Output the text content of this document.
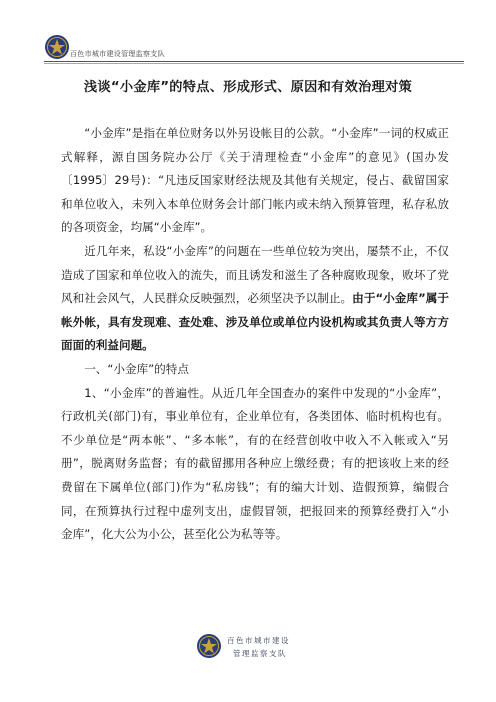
百色市城市建设管理监察支队
浅谈“小金库”的特点、形成形式、原因和有效治理对策

“小金库”是指在单位财务以外另设帐目的公款。“小金库”一词的权威正式解释，源自国务院办公厅《关于清理检查“小金库”的意见》(国办发〔1995〕29号)：“凡违反国家财经法规及其他有关规定，侵占、截留国家和单位收入，未列入本单位财务会计部门帐内或未纳入预算管理，私存私放的各项资金，均属“小金库”。

近几年来，私设“小金库”的问题在一些单位较为突出，屡禁不止，不仅造成了国家和单位收入的流失，而且诱发和滋生了各种腐败现象，败坏了党风和社会风气，人民群众反映强烈，必须坚决予以制止。由于“小金库”属于帐外帐，具有发现难、查处难、涉及单位或单位内设机构或其负责人等方方面面的利益问题。

一、“小金库”的特点

1、“小金库”的普遍性。从近几年全国查办的案件中发现的“小金库”，行政机关(部门)有，事业单位有，企业单位有，各类团体、临时机构也有。不少单位是“两本帐”、“多本帐”，有的在经营创收中收入不入帐或入“另册”，脱离财务监督；有的截留挪用各种应上缴经费；有的把该收上来的经费留在下属单位(部门)作为“私房钱”；有的编大计划、造假预算，编假合同，在预算执行过程中虚列支出，虚假冒领，把报回来的预算经费打入“小金库”，化大公为小公，甚至化公为私等等。

百色市城市建设
管理监察支队
